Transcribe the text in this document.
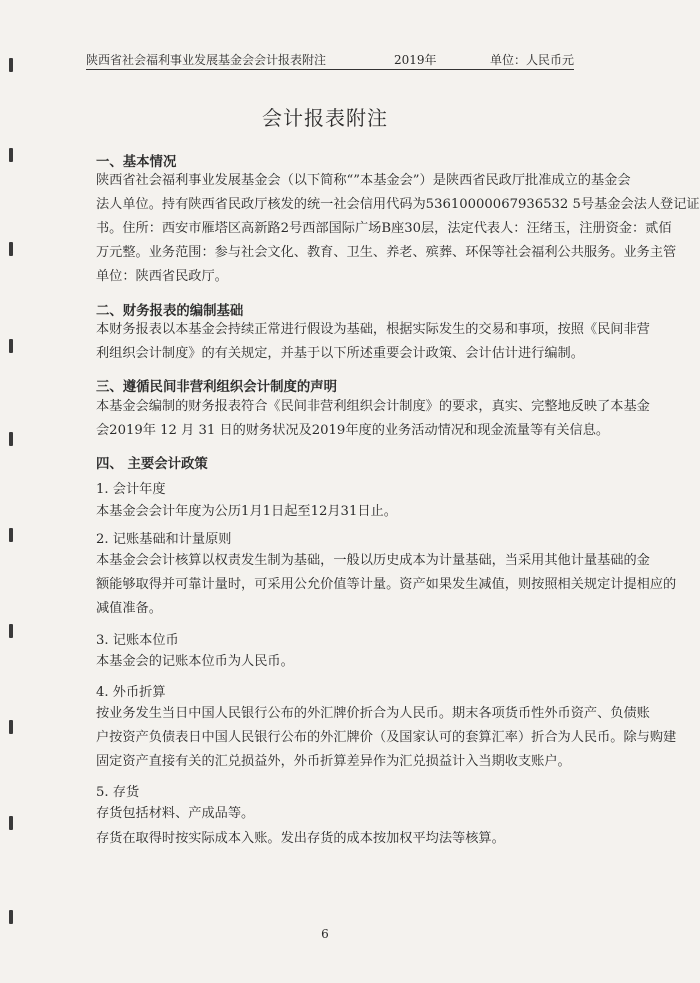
陕西省社会福利事业发展基金会会计报表附注	2019年	单位：人民币元
会计报表附注
一、基本情况
陕西省社会福利事业发展基金会（以下简称“”本基金会”）是陕西省民政厅批准成立的基金会
法人单位。持有陕西省民政厅核发的统一社会信用代码为53610000067936532 5号基金会法人登记证
书。住所：西安市雁塔区高新路2号西部国际广场B座30层，法定代表人：汪绪玉，注册资金：贰佰
万元整。业务范围：参与社会文化、教育、卫生、养老、殡葬、环保等社会福利公共服务。业务主管
单位：陕西省民政厅。
二、财务报表的编制基础
本财务报表以本基金会持续正常进行假设为基础，根据实际发生的交易和事项，按照《民间非营
利组织会计制度》的有关规定，并基于以下所述重要会计政策、会计估计进行编制。
三、遵循民间非营利组织会计制度的声明
本基金会编制的财务报表符合《民间非营利组织会计制度》的要求，真实、完整地反映了本基金
会2019年 12 月 31 日的财务状况及2019年度的业务活动情况和现金流量等有关信息。
四、 主要会计政策
1. 会计年度
本基金会会计年度为公历1月1日起至12月31日止。
2. 记账基础和计量原则
本基金会会计核算以权责发生制为基础，一般以历史成本为计量基础，当采用其他计量基础的金
额能够取得并可靠计量时，可采用公允价值等计量。资产如果发生减值，则按照相关规定计提相应的
减值准备。
3. 记账本位币
本基金会的记账本位币为人民币。
4. 外币折算
按业务发生当日中国人民银行公布的外汇牌价折合为人民币。期末各项货币性外币资产、负债账
户按资产负债表日中国人民银行公布的外汇牌价（及国家认可的套算汇率）折合为人民币。除与购建
固定资产直接有关的汇兑损益外，外币折算差异作为汇兑损益计入当期收支账户。
5. 存货
存货包括材料、产成品等。
存货在取得时按实际成本入账。发出存货的成本按加权平均法等核算。
6
